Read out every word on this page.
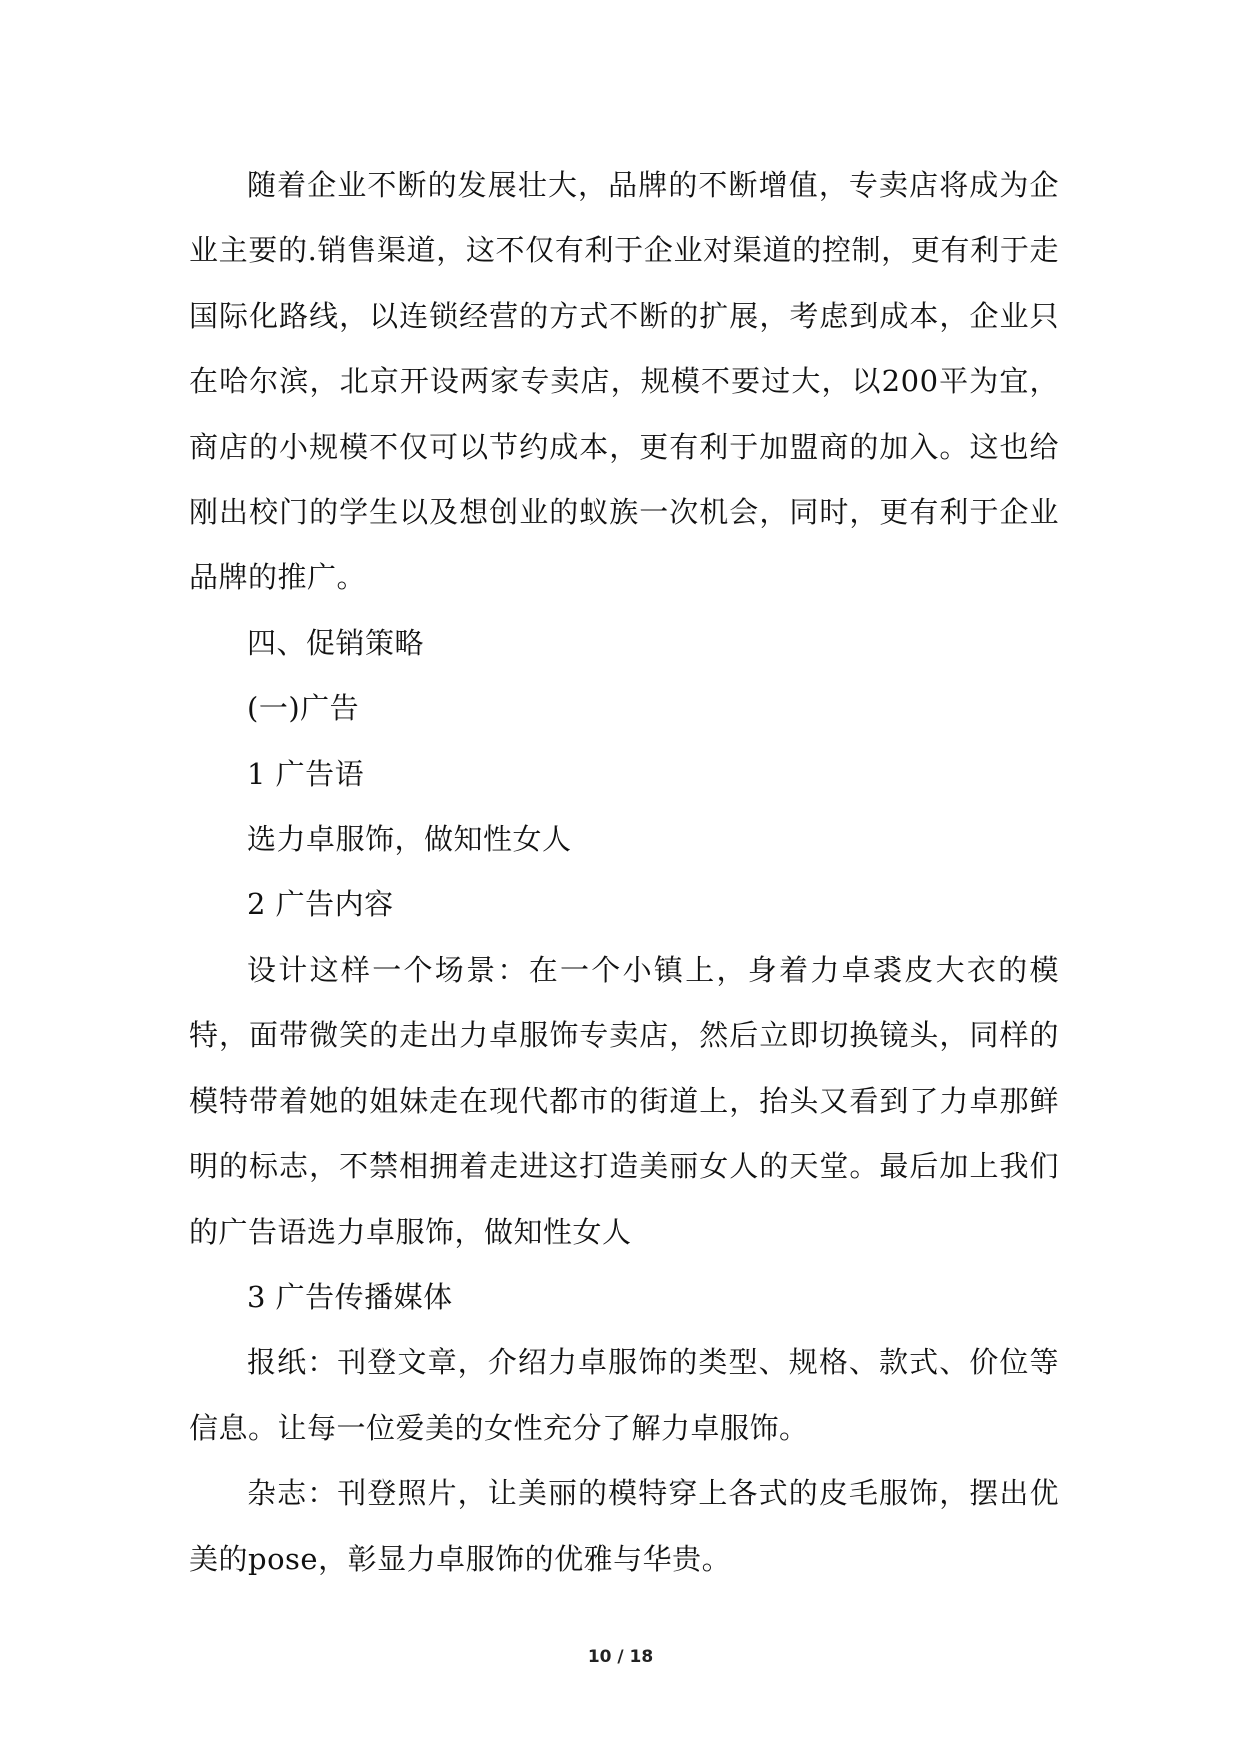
随着企业不断的发展壮大，品牌的不断增值，专卖店将成为企业主要的.销售渠道，这不仅有利于企业对渠道的控制，更有利于走国际化路线，以连锁经营的方式不断的扩展，考虑到成本，企业只在哈尔滨，北京开设两家专卖店，规模不要过大，以200平为宜，商店的小规模不仅可以节约成本，更有利于加盟商的加入。这也给刚出校门的学生以及想创业的蚁族一次机会，同时，更有利于企业品牌的推广。

四、促销策略

(一)广告

1 广告语

选力卓服饰，做知性女人

2 广告内容

设计这样一个场景：在一个小镇上，身着力卓裘皮大衣的模特，面带微笑的走出力卓服饰专卖店，然后立即切换镜头，同样的模特带着她的姐妹走在现代都市的街道上，抬头又看到了力卓那鲜明的标志，不禁相拥着走进这打造美丽女人的天堂。最后加上我们的广告语选力卓服饰，做知性女人

3 广告传播媒体

报纸：刊登文章，介绍力卓服饰的类型、规格、款式、价位等信息。让每一位爱美的女性充分了解力卓服饰。

杂志：刊登照片，让美丽的模特穿上各式的皮毛服饰，摆出优美的pose，彰显力卓服饰的优雅与华贵。

10 / 18
